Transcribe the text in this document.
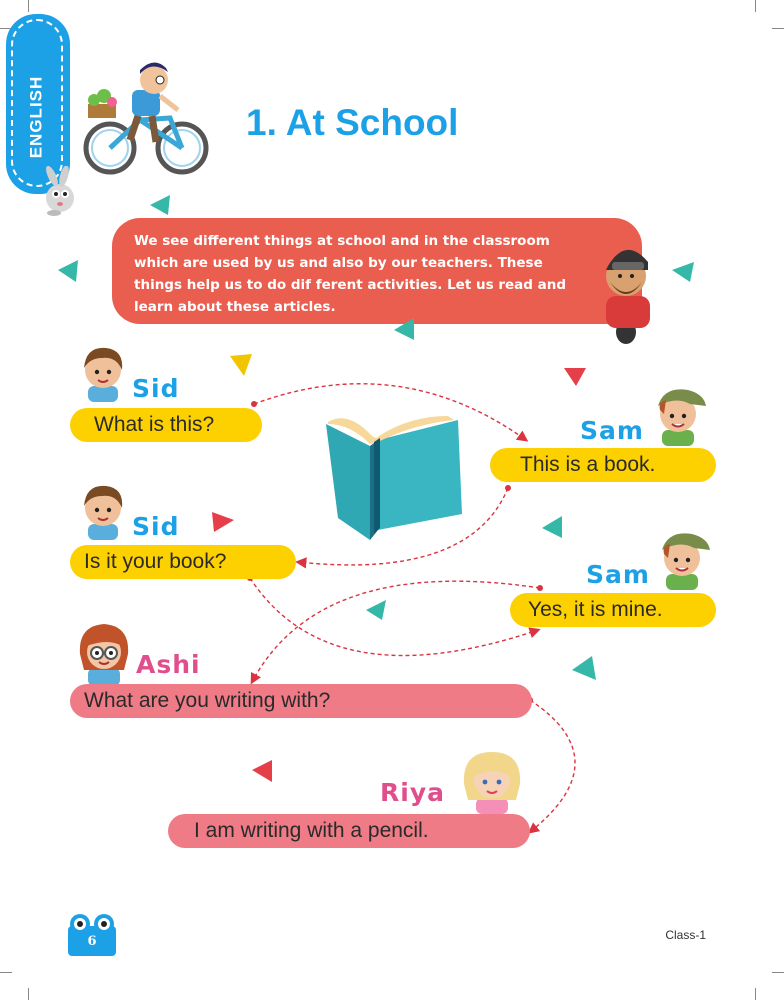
ENGLISH	1. At School
We see different things at school and in the classroom which are used by us and also by our teachers. These things help us to do dif ferent activities. Let us read and learn about these articles.
Sid
What is this?	Sam
This is a book.
Sid
Is it your book?	Sam
Yes, it is mine.
Ashi
What are you writing with?
Riya
I am writing with a pencil.
6	Class-1
